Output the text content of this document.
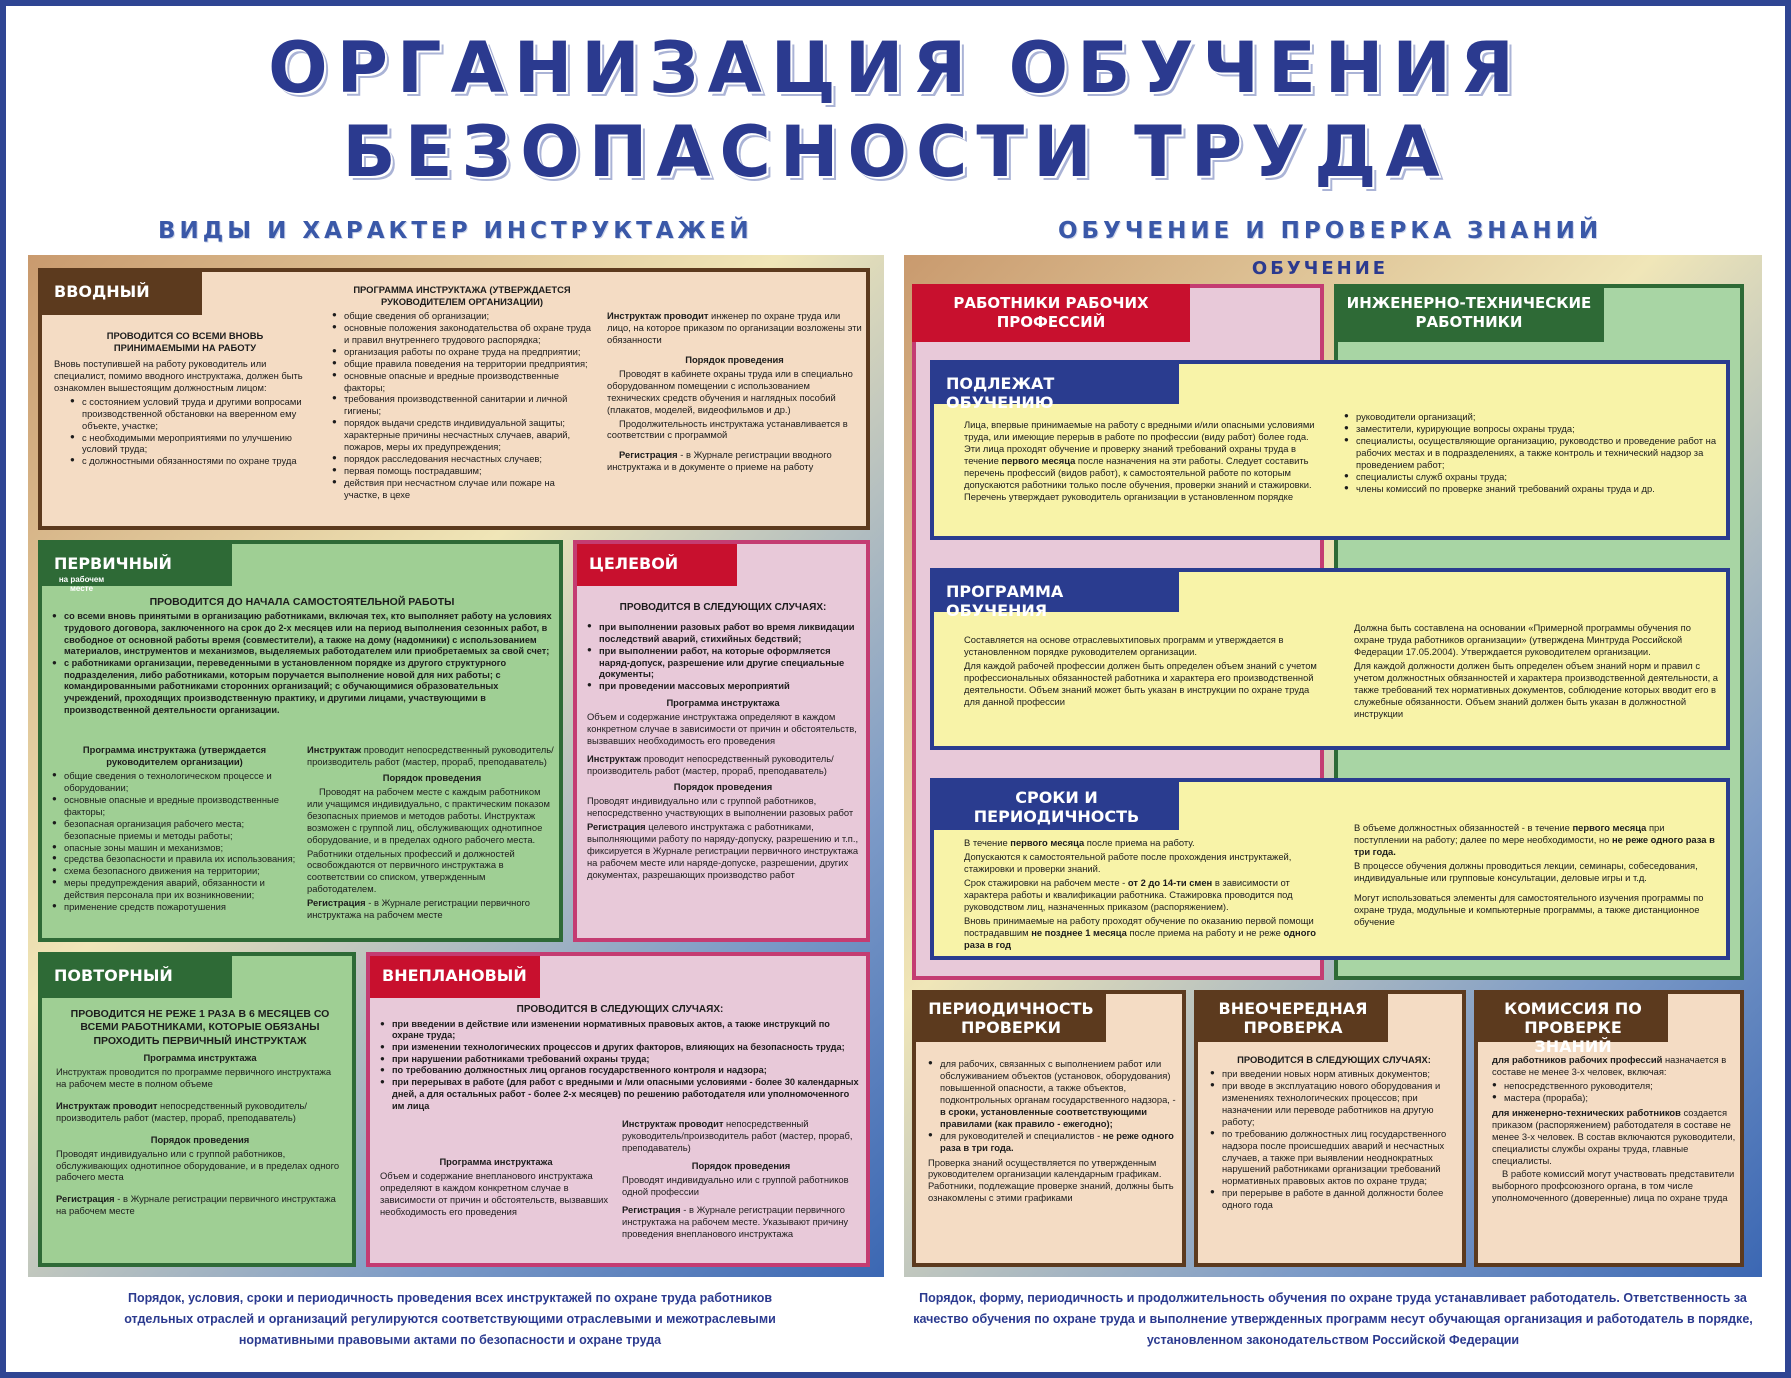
ОРГАНИЗАЦИЯ ОБУЧЕНИЯ
БЕЗОПАСНОСТИ ТРУДА
ВИДЫ И ХАРАКТЕР ИНСТРУКТАЖЕЙ	ОБУЧЕНИЕ И ПРОВЕРКА ЗНАНИЙ
ВВОДНЫЙ

ПРОВОДИТСЯ СО ВСЕМИ ВНОВЬ ПРИНИМАЕМЫМИ НА РАБОТУ

Вновь поступившей на работу руководитель или специалист, помимо вводного инструктажа, должен быть ознакомлен вышестоящим должностным лицом:

● с состоянием условий труда и другими вопросами производственной обстановки на вверенном ему объекте, участке;
● с необходимыми мероприятиями по улучшению условий труда;
● с должностными обязанностями по охране труда

ПРОГРАММА ИНСТРУКТАЖА (УТВЕРЖДАЕТСЯ РУКОВОДИТЕЛЕМ ОРГАНИЗАЦИИ)

● общие сведения об организации;
● основные положения законодательства об охране труда и правил внутреннего трудового распорядка;
● организация работы по охране труда на предприятии;
● общие правила поведения на территории предприятия;
● основные опасные и вредные производственные факторы;
● требования производственной санитарии и личной гигиены;
● порядок выдачи средств индивидуальной защиты; характерные причины несчастных случаев, аварий, пожаров, меры их предупреждения;
● порядок расследования несчастных случаев;
● первая помощь пострадавшим;
● действия при несчастном случае или пожаре на участке, в цехе

Инструктаж проводит инженер по охране труда или лицо, на которое приказом по организации возложены эти обязанности

Порядок проведения

Проводят в кабинете охраны труда или в специально оборудованном помещении с использованием технических средств обучения и наглядных пособий (плакатов, моделей, видеофильмов и др.)

Продолжительность инструктажа устанавливается в соответствии с программой

Регистрация - в Журнале регистрации вводного инструктажа и в документе о приеме на работу

ПЕРВИЧНЫЙ на рабочем месте

ПРОВОДИТСЯ ДО НАЧАЛА САМОСТОЯТЕЛЬНОЙ РАБОТЫ

● со всеми вновь принятыми в организацию работниками, включая тех, кто выполняет работу на условиях трудового договора, заключенного на срок до 2-х месяцев или на период выполнения сезонных работ, в свободное от основной работы время (совместители), а также на дому (надомники) с использованием материалов, инструментов и механизмов, выделяемых работодателем или приобретаемых за свой счет;
● с работниками организации, переведенными в установленном порядке из другого структурного подразделения, либо работниками, которым поручается выполнение новой для них работы; с командированными работниками сторонних организаций; с обучающимися образовательных учреждений, проходящих производственную практику, и другими лицами, участвующими в производственной деятельности организации.

Программа инструктажа (утверждается руководителем организации)

● общие сведения о технологическом процессе и оборудовании;
● основные опасные и вредные производственные факторы;
● безопасная организация рабочего места; безопасные приемы и методы работы;
● опасные зоны машин и механизмов;
● средства безопасности и правила их использования;
● схема безопасного движения на территории;
● меры предупреждения аварий, обязанности и действия персонала при их возникновении;
● применение средств пожаротушения

Инструктаж проводит непосредственный руководитель/производитель работ (мастер, прораб, преподаватель)

Порядок проведения

Проводят на рабочем месте с каждым работником или учащимся индивидуально, с практическим показом безопасных приемов и методов работы. Инструктаж возможен с группой лиц, обслуживающих однотипное оборудование, и в пределах одного рабочего места.

Работники отдельных профессий и должностей освобождаются от первичного инструктажа в соответствии со списком, утвержденным работодателем.

Регистрация - в Журнале регистрации первичного инструктажа на рабочем месте

ЦЕЛЕВОЙ

ПРОВОДИТСЯ В СЛЕДУЮЩИХ СЛУЧАЯХ:

● при выполнении разовых работ во время ликвидации последствий аварий, стихийных бедствий;
● при выполнении работ, на которые оформляется наряд-допуск, разрешение или другие специальные документы;
● при проведении массовых мероприятий

Программа инструктажа

Объем и содержание инструктажа определяют в каждом конкретном случае в зависимости от причин и обстоятельств, вызвавших необходимость его проведения

Инструктаж проводит непосредственный руководитель/производитель работ (мастер, прораб, преподаватель)

Порядок проведения

Проводят индивидуально или с группой работников, непосредственно участвующих в выполнении разовых работ

Регистрация целевого инструктажа с работниками, выполняющими работу по наряду-допуску, разрешению и т.п., фиксируется в Журнале регистрации первичного инструктажа на рабочем месте или наряде-допуске, разрешении, других документах, разрешающих производство работ

ПОВТОРНЫЙ

ПРОВОДИТСЯ НЕ РЕЖЕ 1 РАЗА В 6 МЕСЯЦЕВ СО ВСЕМИ РАБОТНИКАМИ, КОТОРЫЕ ОБЯЗАНЫ ПРОХОДИТЬ ПЕРВИЧНЫЙ ИНСТРУКТАЖ

Программа инструктажа

Инструктаж проводится по программе первичного инструктажа на рабочем месте в полном объеме

Инструктаж проводит непосредственный руководитель/производитель работ (мастер, прораб, преподаватель)

Порядок проведения

Проводят индивидуально или с группой работников, обслуживающих однотипное оборудование, и в пределах одного рабочего места

Регистрация - в Журнале регистрации первичного инструктажа на рабочем месте

ВНЕПЛАНОВЫЙ

ПРОВОДИТСЯ В СЛЕДУЮЩИХ СЛУЧАЯХ:

● при введении в действие или изменении нормативных правовых актов, а также инструкций по охране труда;
● при изменении технологических процессов и других факторов, влияющих на безопасность труда;
● при нарушении работниками требований охраны труда;
● по требованию должностных лиц органов государственного контроля и надзора;
● при перерывах в работе (для работ с вредными и /или опасными условиями - более 30 календарных дней, а для остальных работ - более 2-х месяцев) по решению работодателя или уполномоченного им лица

Программа инструктажа

Объем и содержание внепланового инструктажа определяют в каждом конкретном случае в зависимости от причин и обстоятельств, вызвавших необходимость его проведения

Инструктаж проводит непосредственный руководитель/производитель работ (мастер, прораб, преподаватель)

Порядок проведения

Проводят индивидуально или с группой работников одной профессии

Регистрация - в Журнале регистрации первичного инструктажа на рабочем месте. Указывают причину проведения внепланового инструктажа

ОБУЧЕНИЕ
РАБОТНИКИ РАБОЧИХ ПРОФЕССИЙ
ИНЖЕНЕРНО-ТЕХНИЧЕСКИЕ РАБОТНИКИ
ПОДЛЕЖАТ ОБУЧЕНИЮ

Лица, впервые принимаемые на работу с вредными и/или опасными условиями труда, или имеющие перерыв в работе по профессии (виду работ) более года. Эти лица проходят обучение и проверку знаний требований охраны труда в течение первого месяца после назначения на эти работы. Следует составить перечень профессий (видов работ), к самостоятельной работе по которым допускаются работники только после обучения, проверки знаний и стажировки. Перечень утверждает руководитель организации в установленном порядке

● руководители организаций;
● заместители, курирующие вопросы охраны труда;
● специалисты, осуществляющие организацию, руководство и проведение работ на рабочих местах и в подразделениях, а также контроль и технический надзор за проведением работ;
● специалисты служб охраны труда;
● члены комиссий по проверке знаний требований охраны труда и др.
ПРОГРАММА ОБУЧЕНИЯ

Составляется на основе отраслевыхтиповых программ и утверждается в установленном порядке руководителем организации.

Для каждой рабочей профессии должен быть определен объем знаний с учетом профессиональных обязанностей работника и характера его производственной деятельности. Объем знаний может быть указан в инструкции по охране труда для данной профессии

Должна быть составлена на основании «Примерной программы обучения по охране труда работников организации» (утверждена Минтруда Российской Федерации 17.05.2004). Утверждается руководителем организации.

Для каждой должности должен быть определен объем знаний норм и правил с учетом должностных обязанностей и характера производственной деятельности, а также требований тех нормативных документов, соблюдение которых вводит его в служебные обязанности. Объем знаний должен быть указан в должностной инструкции

СРОКИ И ПЕРИОДИЧНОСТЬ

В течение первого месяца после приема на работу.

Допускаются к самостоятельной работе после прохождения инструктажей, стажировки и проверки знаний.

Срок стажировки на рабочем месте - от 2 до 14-ти смен в зависимости от характера работы и квалификации работника. Стажировка проводится под руководством лиц, назначенных приказом (распоряжением).

Вновь принимаемые на работу проходят обучение по оказанию первой помощи пострадавшим не позднее 1 месяца после приема на работу и не реже одного раза в год

В объеме должностных обязанностей - в течение первого месяца при поступлении на работу; далее по мере необходимости, но не реже одного раза в три года.

В процессе обучения должны проводиться лекции, семинары, собеседования, индивидуальные или групповые консультации, деловые игры и т.д.

Могут использоваться элементы для самостоятельного изучения программы по охране труда, модульные и компьютерные программы, а также дистанционное обучение

ПЕРИОДИЧНОСТЬ ПРОВЕРКИ
● для рабочих, связанных с выполнением работ или обслуживанием объектов (установок, оборудования) повышенной опасности, а также объектов, подконтрольных органам государственного надзора, - в сроки, установленные соответствующими правилами (как правило - ежегодно);
● для руководителей и специалистов - не реже одного раза в три года.

Проверка знаний осуществляется по утвержденным руководителем организации календарным графикам. Работники, подлежащие проверке знаний, должны быть ознакомлены с этими графиками

ВНЕОЧЕРЕДНАЯ ПРОВЕРКА

ПРОВОДИТСЯ В СЛЕДУЮЩИХ СЛУЧАЯХ:

● при введении новых норм ативных документов;
● при вводе в эксплуатацию нового оборудования и изменениях технологических процессов; при назначении или переводе работников на другую работу;
● по требованию должностных лиц государственного надзора после происшедших аварий и несчастных случаев, а также при выявлении неоднократных нарушений работниками организации требований нормативных правовых актов по охране труда;
● при перерыве в работе в данной должности более одного года
КОМИССИЯ ПО ПРОВЕРКЕ ЗНАНИЙ

для работников рабочих профессий назначается в составе не менее 3-х человек, включая:

● непосредственного руководителя;
● мастера (прораба);

для инженерно-технических работников создается приказом (распоряжением) работодателя в составе не менее 3-х человек. В состав включаются руководители, специалисты службы охраны труда, главные специалисты.

В работе комиссий могут участвовать представители выборного профсоюзного органа, в том числе уполномоченного (доверенные) лица по охране труда

Порядок, условия, сроки и периодичность проведения всех инструктажей по охране труда работников отдельных отраслей и организаций регулируются соответствующими отраслевыми и межотраслевыми нормативными правовыми актами по безопасности и охране труда
Порядок, форму, периодичность и продолжительность обучения по охране труда устанавливает работодатель. Ответственность за качество обучения по охране труда и выполнение утвержденных программ несут обучающая организация и работодатель в порядке, установленном законодательством Российской Федерации
